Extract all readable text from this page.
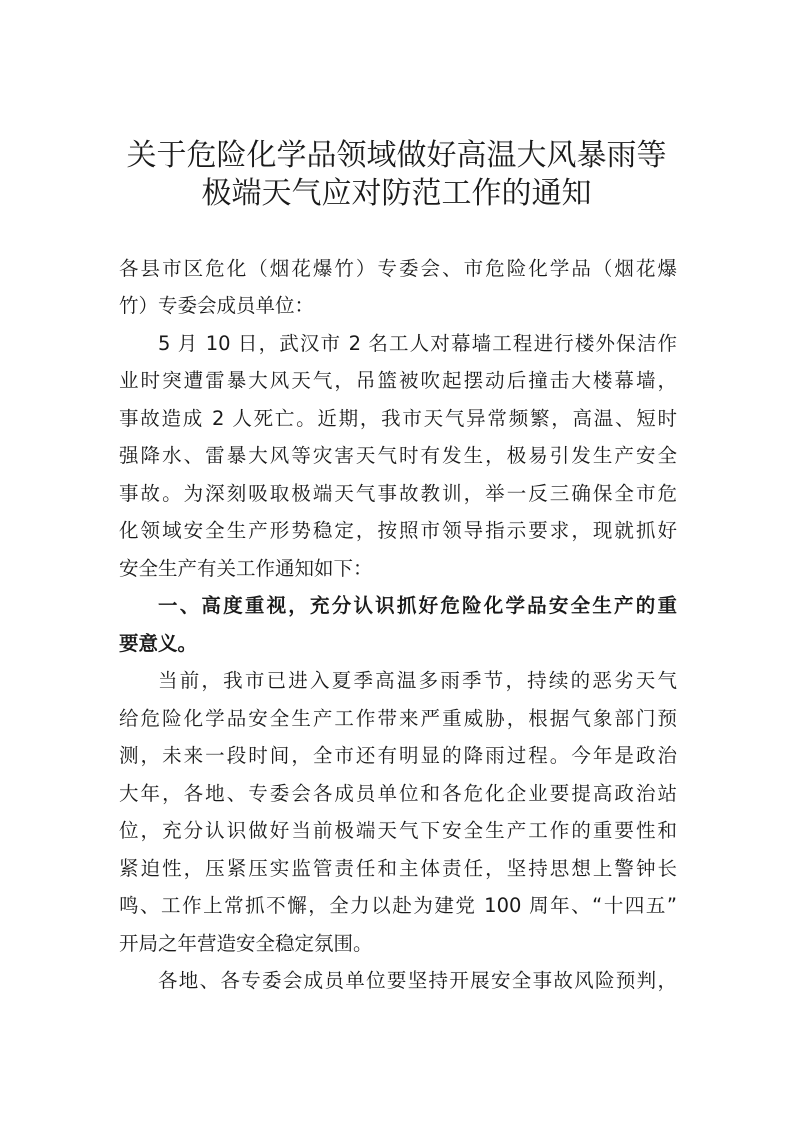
关于危险化学品领域做好高温大风暴雨等
极端天气应对防范工作的通知
各县市区危化（烟花爆竹）专委会、市危险化学品（烟花爆
竹）专委会成员单位：
5 月 10 日，武汉市 2 名工人对幕墙工程进行楼外保洁作
业时突遭雷暴大风天气，吊篮被吹起摆动后撞击大楼幕墙，
事故造成 2 人死亡。近期，我市天气异常频繁，高温、短时
强降水、雷暴大风等灾害天气时有发生，极易引发生产安全
事故。为深刻吸取极端天气事故教训，举一反三确保全市危
化领域安全生产形势稳定，按照市领导指示要求，现就抓好
安全生产有关工作通知如下：
一、高度重视，充分认识抓好危险化学品安全生产的重
要意义。
当前，我市已进入夏季高温多雨季节，持续的恶劣天气
给危险化学品安全生产工作带来严重威胁，根据气象部门预
测，未来一段时间，全市还有明显的降雨过程。今年是政治
大年，各地、专委会各成员单位和各危化企业要提高政治站
位，充分认识做好当前极端天气下安全生产工作的重要性和
紧迫性，压紧压实监管责任和主体责任，坚持思想上警钟长
鸣、工作上常抓不懈，全力以赴为建党 100 周年、“十四五”
开局之年营造安全稳定氛围。
各地、各专委会成员单位要坚持开展安全事故风险预判，
